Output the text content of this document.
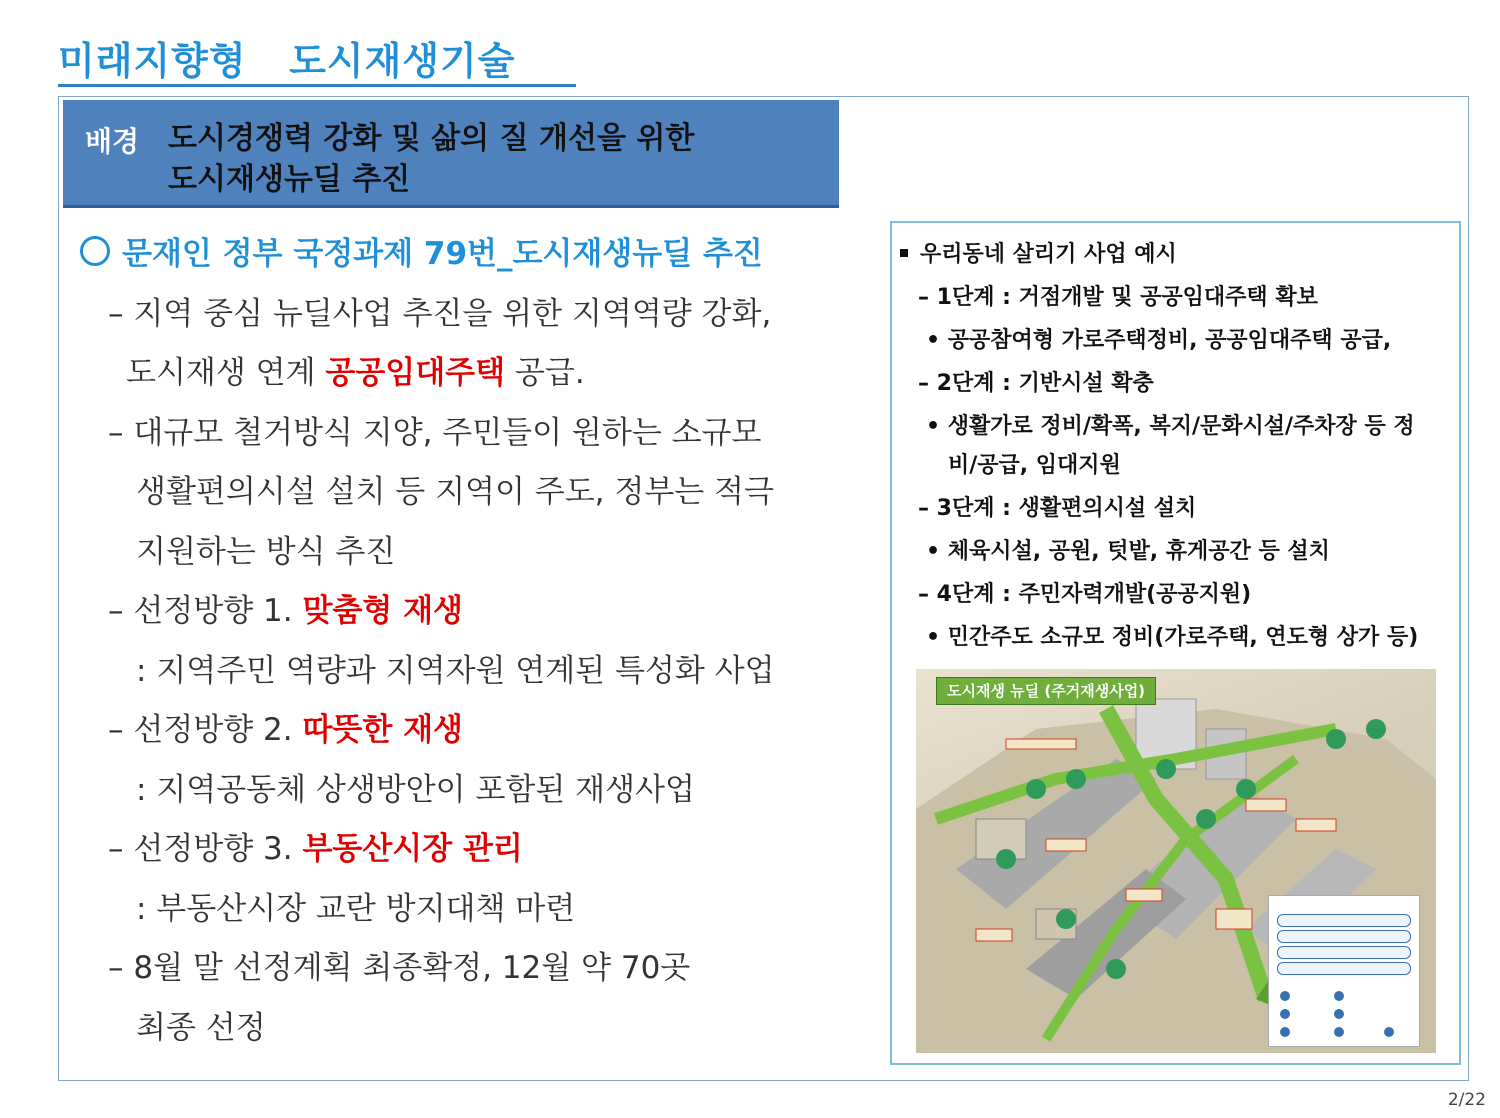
미래지향형   도시재생기술
배경 도시경쟁력 강화 및 삶의 질 개선을 위한
도시재생뉴딜 추진
문재인 정부 국정과제 79번_도시재생뉴딜 추진
– 지역 중심 뉴딜사업 추진을 위한 지역역량 강화,
도시재생 연계 공공임대주택 공급.
– 대규모 철거방식 지양, 주민들이 원하는 소규모
생활편의시설 설치 등 지역이 주도, 정부는 적극
지원하는 방식 추진
– 선정방향 1. 맞춤형 재생
: 지역주민 역량과 지역자원 연계된 특성화 사업
– 선정방향 2. 따뜻한 재생
: 지역공동체 상생방안이 포함된 재생사업
– 선정방향 3. 부동산시장 관리
: 부동산시장 교란 방지대책 마련
– 8월 말 선정계획 최종확정, 12월 약 70곳
최종 선정
우리동네 살리기 사업 예시
– 1단계 : 거점개발 및 공공임대주택 확보
• 공공참여형 가로주택정비, 공공임대주택 공급,
– 2단계 : 기반시설 확충
• 생활가로 정비/확폭, 복지/문화시설/주차장 등 정
비/공급, 임대지원
– 3단계 : 생활편의시설 설치
• 체육시설, 공원, 텃밭, 휴게공간 등 설치
– 4단계 : 주민자력개발(공공지원)
• 민간주도 소규모 정비(가로주택, 연도형 상가 등)
도시재생 뉴딜 (주거재생사업)
2/22
